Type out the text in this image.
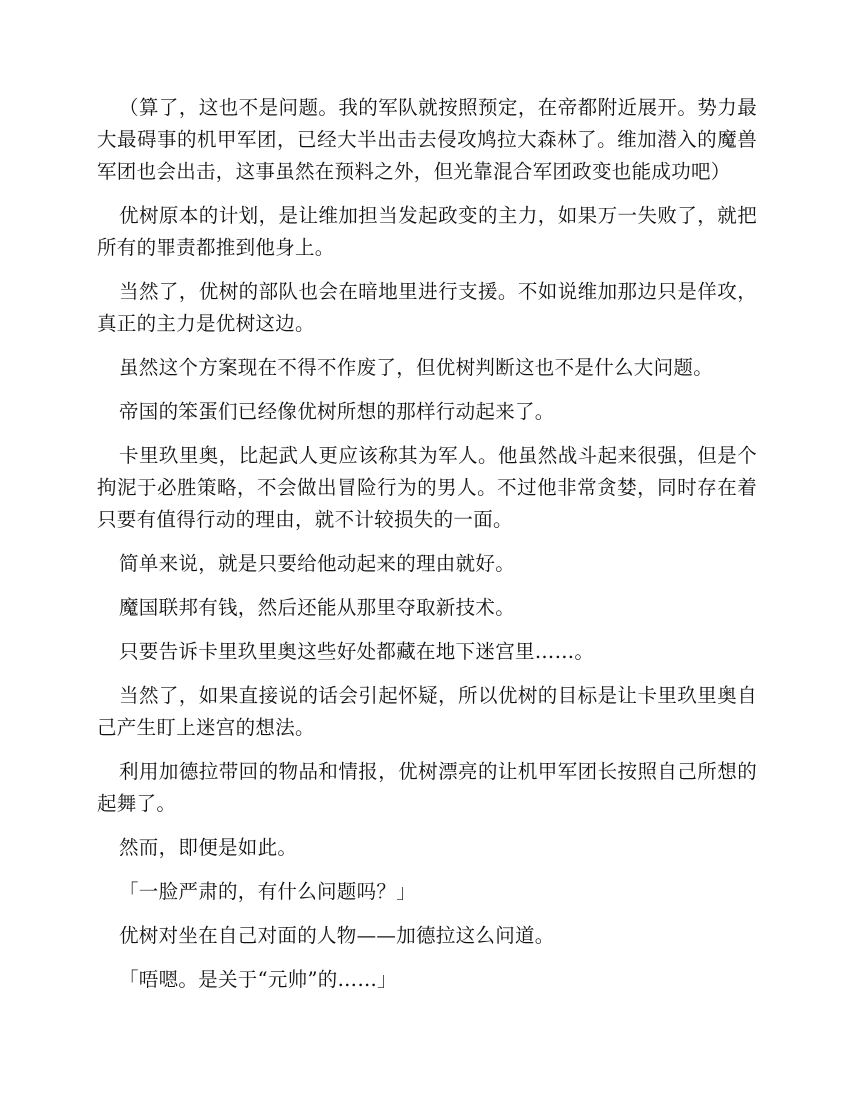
（算了，这也不是问题。我的军队就按照预定，在帝都附近展开。势力最大最碍事的机甲军团，已经大半出击去侵攻鸠拉大森林了。维加潜入的魔兽军团也会出击，这事虽然在预料之外，但光靠混合军团政变也能成功吧）

优树原本的计划，是让维加担当发起政变的主力，如果万一失败了，就把所有的罪责都推到他身上。

当然了，优树的部队也会在暗地里进行支援。不如说维加那边只是佯攻，真正的主力是优树这边。

虽然这个方案现在不得不作废了，但优树判断这也不是什么大问题。

帝国的笨蛋们已经像优树所想的那样行动起来了。

卡里玖里奥，比起武人更应该称其为军人。他虽然战斗起来很强，但是个拘泥于必胜策略，不会做出冒险行为的男人。不过他非常贪婪，同时存在着只要有值得行动的理由，就不计较损失的一面。

简单来说，就是只要给他动起来的理由就好。

魔国联邦有钱，然后还能从那里夺取新技术。

只要告诉卡里玖里奥这些好处都藏在地下迷宫里……。

当然了，如果直接说的话会引起怀疑，所以优树的目标是让卡里玖里奥自己产生盯上迷宫的想法。

利用加德拉带回的物品和情报，优树漂亮的让机甲军团长按照自己所想的起舞了。

然而，即便是如此。

「一脸严肃的，有什么问题吗？」

优树对坐在自己对面的人物——加德拉这么问道。

「唔嗯。是关于“元帅”的……」
